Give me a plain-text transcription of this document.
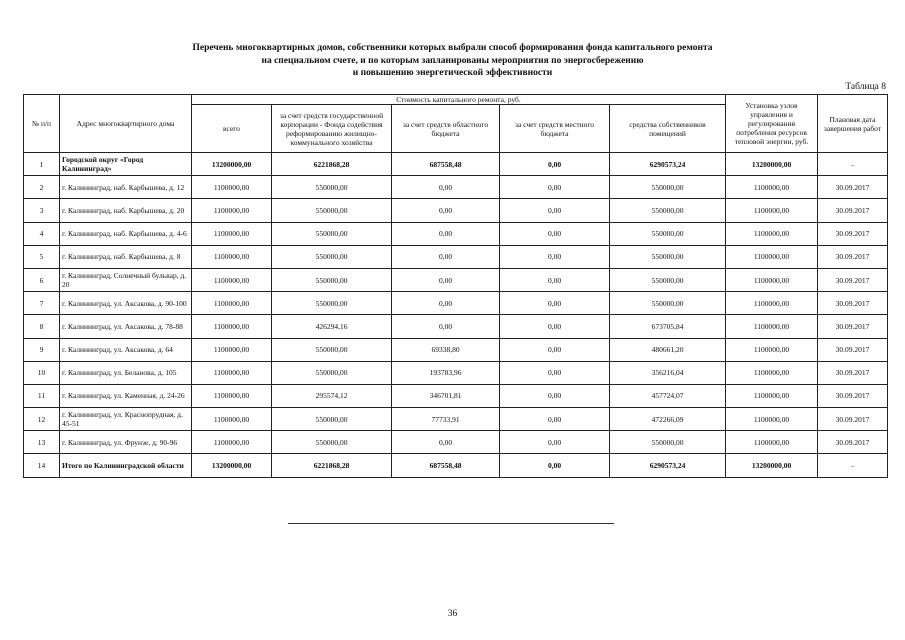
Перечень многоквартирных домов, собственники которых выбрали способ формирования фонда капитального ремонта
на специальном счете, и по которым запланированы мероприятия по энергосбережению
и повышению энергетической эффективности
Таблица 8
№ п/п	Адрес многоквартирного дома	Стоимость капитального ремонта, руб.					Установка узлов управления и регулирования потребления ресурсов тепловой энергии, руб.	Плановая дата завершения работ
		всего	за счет средств государственной корпорации - Фонда содействия реформированию жилищно-коммунального хозяйства	за счет средств областного бюджета	за счет средств местного бюджета	средства собственников помещений		
1	Городской округ «Город Калининград»	13200000,00	6221868,28	687558,48	0,00	6290573,24	13200000,00	-
2	г. Калининград, наб. Карбышева, д. 12	1100000,00	550000,00	0,00	0,00	550000,00	1100000,00	30.09.2017
3	г. Калининград, наб. Карбышева, д. 20	1100000,00	550000,00	0,00	0,00	550000,00	1100000,00	30.09.2017
4	г. Калининград, наб. Карбышева, д. 4-6	1100000,00	550000,00	0,00	0,00	550000,00	1100000,00	30.09.2017
5	г. Калининград, наб. Карбышева, д. 8	1100000,00	550000,00	0,00	0,00	550000,00	1100000,00	30.09.2017
6	г. Калининград, Солнечный бульвар, д. 20	1100000,00	550000,00	0,00	0,00	550000,00	1100000,00	30.09.2017
7	г. Калининград, ул. Аксакова, д. 90-100	1100000,00	550000,00	0,00	0,00	550000,00	1100000,00	30.09.2017
8	г. Калининград, ул. Аксакова, д. 78-88	1100000,00	426294,16	0,00	0,00	673705,84	1100000,00	30.09.2017
9	г. Калининград, ул. Аксакова, д. 64	1100000,00	550000,00	69338,80	0,00	480661,20	1100000,00	30.09.2017
10	г. Калининград, ул. Беланова, д. 105	1100000,00	550000,00	193783,96	0,00	356216,04	1100000,00	30.09.2017
11	г. Калининград, ул. Каменная, д. 24-26	1100000,00	295574,12	346701,81	0,00	457724,07	1100000,00	30.09.2017
12	г. Калининград, ул. Краснопрудная, д. 45-51	1100000,00	550000,00	77733,91	0,00	472266,09	1100000,00	30.09.2017
13	г. Калининград, ул. Фрунзе, д. 90-96	1100000,00	550000,00	0,00	0,00	550000,00	1100000,00	30.09.2017
14	Итого по Калининградской области	13200000,00	6221868,28	687558,48	0,00	6290573,24	13200000,00	-
36
